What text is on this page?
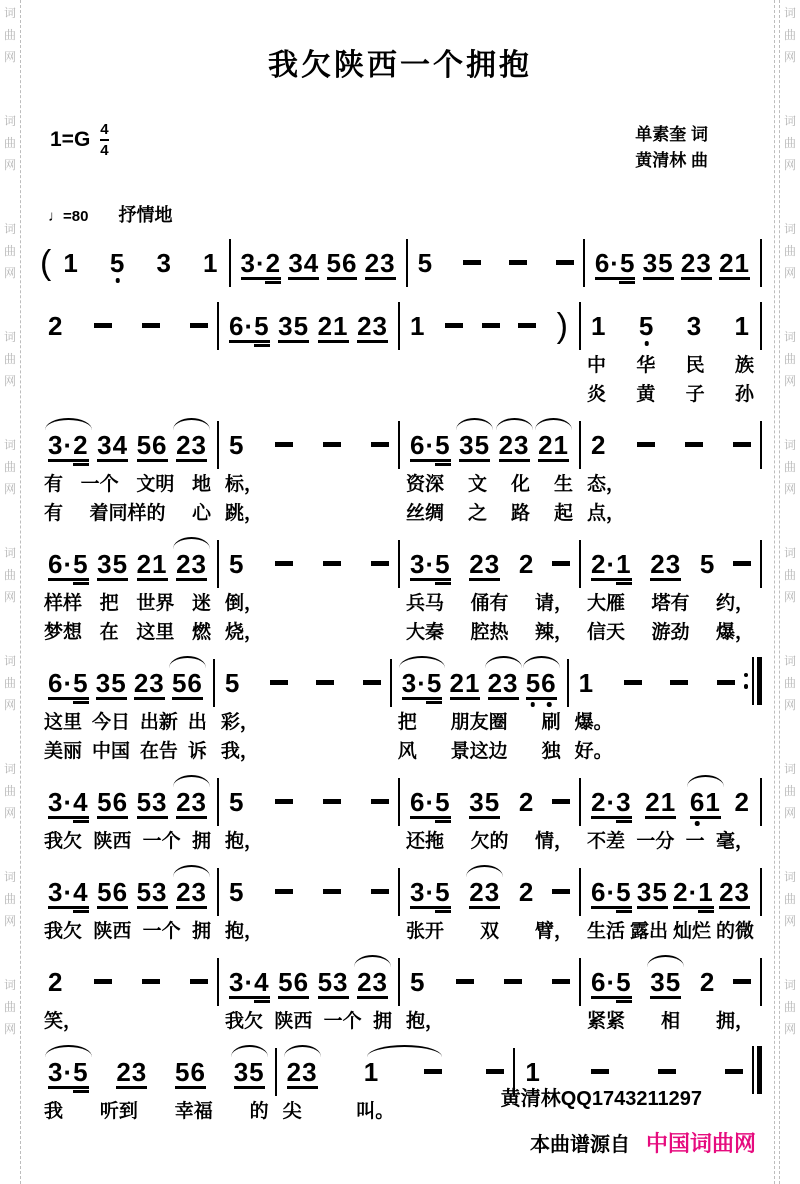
词
曲
网
词
曲
网
词
曲
网
词
曲
网
词
曲
网
词
曲
网
词
曲
网
词
曲
网
词
曲
网
词
曲
网
词
曲
网
词
曲
网
词
曲
网
词
曲
网
词
曲
网
词
曲
网
词
曲
网
词
曲
网
词
曲
网
词
曲
网
我欠陕西一个拥抱
$1=G \frac{4}{4}$	单素奎 词
黄清林 曲
♩=80 抒情地
( 1 5 3 1 3·2 34 56 23 5	6·5 35 23 21
2	6·5 35 21 23 1	) 1 5 3 1
中 华 民 族
炎 黄 子 孙
3·2 34 56 23
有 一个 文明 地
有 着同样的 心
5
标，
跳，
6·5 35 23 21
资深 文 化 生
丝绸 之 路 起
2
态，
点，
6·5 35 21 23
样样 把 世界 迷
梦想 在 这里 燃
5
倒，
烧，
3·5 23 2
兵马 俑有 请，
大秦 腔热 辣，
2·1 23 5
大雁 塔有 约，
信天 游劲 爆，
6·5 35 23 56
这里 今日 出新 出
美丽 中国 在告 诉
5
彩，
我，
3·5 21 23 56
把 朋友圈 刷
风 景这边 独
1
爆。
好。
3·4 56 53 23
我欠 陕西 一个 拥
5
抱，
6·5 35 2
还拖 欠的 情，
2·3 21 61 2
不差 一分 一 毫，
3·4 56 53 23
我欠 陕西 一个 拥
5
抱，
3·5 23 2
张开 双 臂，
6·5 35 2·1 23
生活 露出 灿烂 的微
2
笑，
3·4 56 53 23
我欠 陕西 一个 拥
5
抱，
6·5 35 2
紧紧 相 拥，
3·5 23 56 35
我 听到 幸福 的
23 1
尖	叫。
1
黄清林QQ1743211297
本曲谱源自 中国词曲网
